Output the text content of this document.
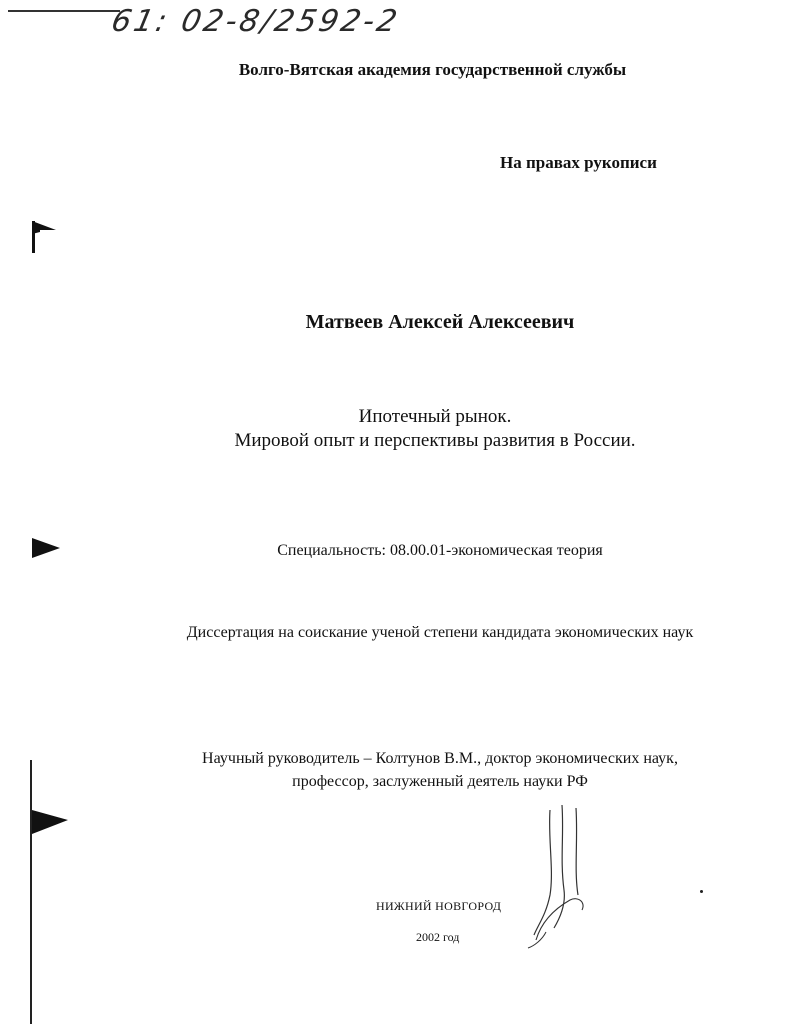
61: 02-8/2592-2
Волго-Вятская академия государственной службы
На правах рукописи
Матвеев Алексей Алексеевич
Ипотечный рынок.
Мировой опыт и перспективы развития в России.
Специальность: 08.00.01-экономическая теория
Диссертация на соискание ученой степени кандидата экономических наук
Научный руководитель – Колтунов В.М., доктор экономических наук,
профессор, заслуженный деятель науки РФ
НИЖНИЙ НОВГОРОД
2002 год
